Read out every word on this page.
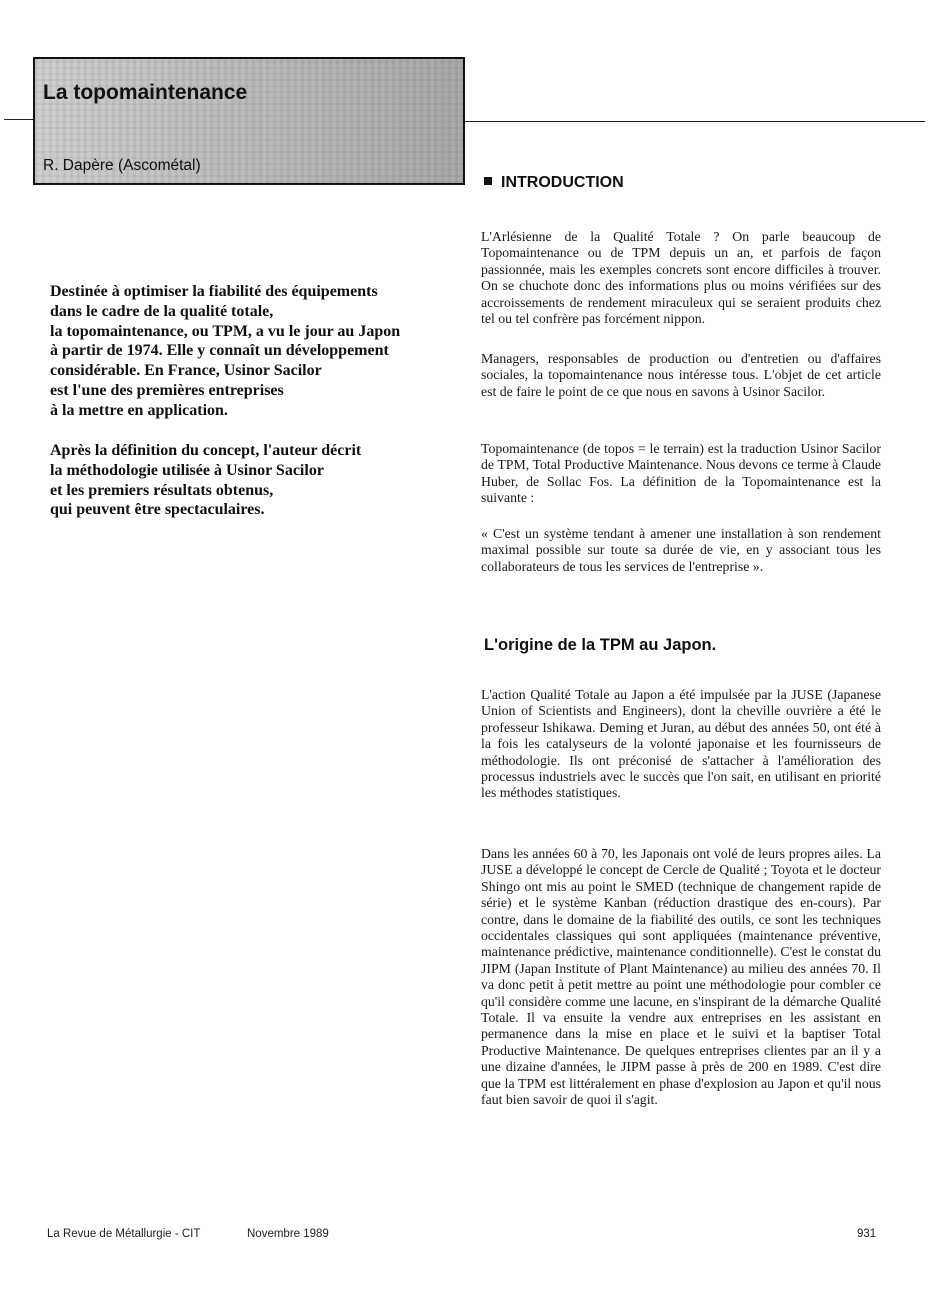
La topomaintenance
R. Dapère (Ascométal)
Destinée à optimiser la fiabilité des équipements
dans le cadre de la qualité totale,
la topomaintenance, ou TPM, a vu le jour au Japon
à partir de 1974. Elle y connaît un développement
considérable. En France, Usinor Sacilor
est l'une des premières entreprises
à la mettre en application.
Après la définition du concept, l'auteur décrit
la méthodologie utilisée à Usinor Sacilor
et les premiers résultats obtenus,
qui peuvent être spectaculaires.
INTRODUCTION

L'Arlésienne de la Qualité Totale ? On parle beaucoup de Topomaintenance ou de TPM depuis un an, et parfois de façon passionnée, mais les exemples concrets sont encore difficiles à trouver. On se chuchote donc des informations plus ou moins vérifiées sur des accroissements de rendement miraculeux qui se seraient produits chez tel ou tel confrère pas forcément nippon.

Managers, responsables de production ou d'entretien ou d'affaires sociales, la topomaintenance nous intéresse tous. L'objet de cet article est de faire le point de ce que nous en savons à Usinor Sacilor.

Topomaintenance (de topos = le terrain) est la traduction Usinor Sacilor de TPM, Total Productive Maintenance. Nous devons ce terme à Claude Huber, de Sollac Fos. La définition de la Topomaintenance est la suivante :

« C'est un système tendant à amener une installation à son rendement maximal possible sur toute sa durée de vie, en y associant tous les collaborateurs de tous les services de l'entreprise ».

L'origine de la TPM au Japon.

L'action Qualité Totale au Japon a été impulsée par la JUSE (Japanese Union of Scientists and Engineers), dont la cheville ouvrière a été le professeur Ishikawa. Deming et Juran, au début des années 50, ont été à la fois les catalyseurs de la volonté japonaise et les fournisseurs de méthodologie. Ils ont préconisé de s'attacher à l'amélioration des processus industriels avec le succès que l'on sait, en utilisant en priorité les méthodes statistiques.

Dans les années 60 à 70, les Japonais ont volé de leurs propres ailes. La JUSE a développé le concept de Cercle de Qualité ; Toyota et le docteur Shingo ont mis au point le SMED (technique de changement rapide de série) et le système Kanban (réduction drastique des en-cours). Par contre, dans le domaine de la fiabilité des outils, ce sont les techniques occidentales classiques qui sont appliquées (maintenance préventive, maintenance prédictive, maintenance conditionnelle). C'est le constat du JIPM (Japan Institute of Plant Maintenance) au milieu des années 70. Il va donc petit à petit mettre au point une méthodologie pour combler ce qu'il considère comme une lacune, en s'inspirant de la démarche Qualité Totale. Il va ensuite la vendre aux entreprises en les assistant en permanence dans la mise en place et le suivi et la baptiser Total Productive Maintenance. De quelques entreprises clientes par an il y a une dizaine d'années, le JIPM passe à près de 200 en 1989. C'est dire que la TPM est littéralement en phase d'explosion au Japon et qu'il nous faut bien savoir de quoi il s'agit.

La Revue de Métallurgie - CIT	Novembre 1989	931
